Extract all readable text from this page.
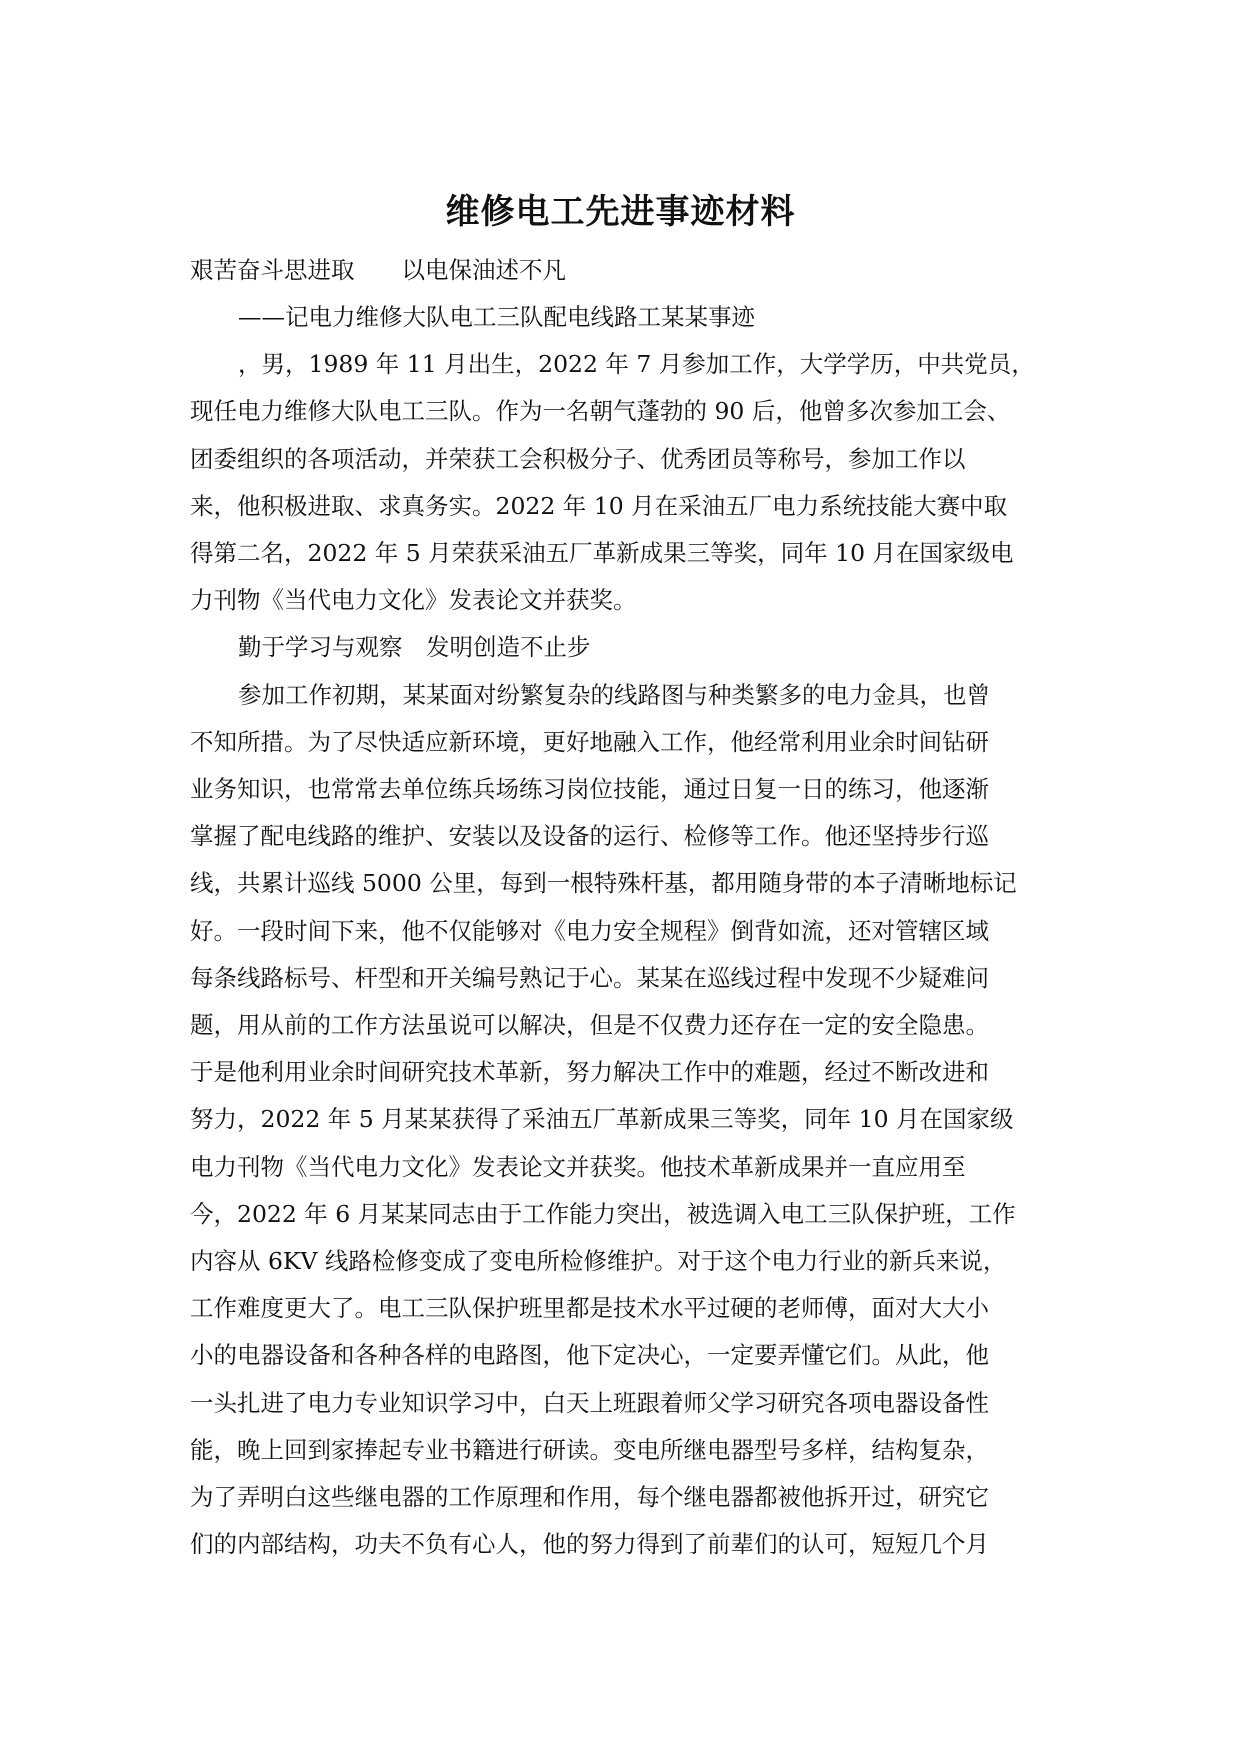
维修电工先进事迹材料
艰苦奋斗思进取　　以电保油述不凡
——记电力维修大队电工三队配电线路工某某事迹
，男，1989 年 11 月出生，2022 年 7 月参加工作，大学学历，中共党员，
现任电力维修大队电工三队。作为一名朝气蓬勃的 90 后，他曾多次参加工会、
团委组织的各项活动，并荣获工会积极分子、优秀团员等称号，参加工作以
来，他积极进取、求真务实。2022 年 10 月在采油五厂电力系统技能大赛中取
得第二名，2022 年 5 月荣获采油五厂革新成果三等奖，同年 10 月在国家级电
力刊物《当代电力文化》发表论文并获奖。
勤于学习与观察　发明创造不止步
参加工作初期，某某面对纷繁复杂的线路图与种类繁多的电力金具，也曾
不知所措。为了尽快适应新环境，更好地融入工作，他经常利用业余时间钻研
业务知识，也常常去单位练兵场练习岗位技能，通过日复一日的练习，他逐渐
掌握了配电线路的维护、安装以及设备的运行、检修等工作。他还坚持步行巡
线，共累计巡线 5000 公里，每到一根特殊杆基，都用随身带的本子清晰地标记
好。一段时间下来，他不仅能够对《电力安全规程》倒背如流，还对管辖区域
每条线路标号、杆型和开关编号熟记于心。某某在巡线过程中发现不少疑难问
题，用从前的工作方法虽说可以解决，但是不仅费力还存在一定的安全隐患。
于是他利用业余时间研究技术革新，努力解决工作中的难题，经过不断改进和
努力，2022 年 5 月某某获得了采油五厂革新成果三等奖，同年 10 月在国家级
电力刊物《当代电力文化》发表论文并获奖。他技术革新成果并一直应用至
今，2022 年 6 月某某同志由于工作能力突出，被选调入电工三队保护班，工作
内容从 6KV 线路检修变成了变电所检修维护。对于这个电力行业的新兵来说，
工作难度更大了。电工三队保护班里都是技术水平过硬的老师傅，面对大大小
小的电器设备和各种各样的电路图，他下定决心，一定要弄懂它们。从此，他
一头扎进了电力专业知识学习中，白天上班跟着师父学习研究各项电器设备性
能，晚上回到家捧起专业书籍进行研读。变电所继电器型号多样，结构复杂，
为了弄明白这些继电器的工作原理和作用，每个继电器都被他拆开过，研究它
们的内部结构，功夫不负有心人，他的努力得到了前辈们的认可，短短几个月
